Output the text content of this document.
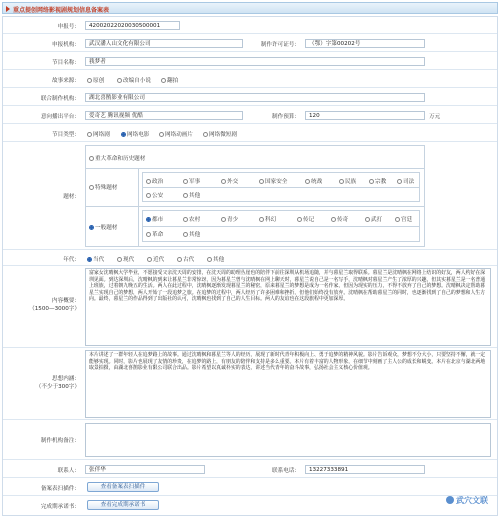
重点提创网络影视剧规划信息备案表
申报号：	42002022020030500001
申报机构：	武汉潘人山文化有限公司	制作许可证号：	（鄂）字第00202号
节目名称：	莪梦者
故事来源：	原创	改编自小说	翻拍
联合制作机构：	湖北喜鹊影业有限公司
意向播出平台：	爱奇艺 腾讯视频 优酷	制作预算：	120	万元
节目类型：	网络剧	网络电影	网络动画片	网络微短剧
题材：
重大革命和历史题材
特殊题材
一般题材
政治	军事	外交	国家安全	统战	民族	宗教	司法
公安	其他
都市	农村	青少	科幻	传记	传奇	武打	宫廷
革命	其他
年代：	当代	现代	近代	古代	其他
内容概要：
（1500—3000字）
富家女沈晴枫大学毕业，不愿接受父亲沈天周的安排，在沈天周的助理丛崖也的陪伴下前往深圳从机场追随，并与暮星兰取得联系。暮星兰是沈晴枫在网络上结识的好友，两人约好在深圳见面。到达深圳后，沈晴枫的到来让暮星兰非常惊讶，因为暮星兰曾与沈晴枫在网上聊天时，暮星兰说自己是一名写手，沈晴枫对暮星兰产生了浓厚的兴趣，但其实暮星兰是一名普通上班族，过着朝九晚五的生活。两人在此过程中，沈晴枫逐渐发现暮星兰的秘密，原来暮星兰的梦想是成为一名作家，但因为现实的压力，不得不放弃了自己的梦想。沈晴枫决定帮助暮星兰实现自己的梦想，两人开始了一段追梦之旅。在追梦的过程中，两人经历了许多困难和挫折，但他们始终没有放弃。沈晴枫在帮助暮星兰的同时，也逐渐找到了自己的梦想和人生方向。最终，暮星兰的作品得到了出版社的认可，沈晴枫也找到了自己的人生目标。两人的友谊也在这段旅程中更加深厚。
思想内涵：
（不少于300字）
本片讲述了一群年轻人在追梦路上的故事。通过沈晴枫和暮星兰等人的经历，展现了新时代青年积极向上、勇于追梦的精神风貌。影片告诉观众，梦想不分大小，只要坚持不懈，就一定能够实现。同时，影片也展现了友情的珍贵，在追梦的路上，有朋友的陪伴和支持是多么重要。本片有着丰富的人物形象，在细节中刻画了主人公的成长和蜕变。本片在北京与湖北两地取景拍摄，由湖北喜鹊影业有限公司联合出品。影片希望以真诚朴实的表达，讲述当代青年的奋斗故事，弘扬社会主义核心价值观。
制作机构备注：
联系人：	张伴华	联系电话：	13227333891
备案表扫描件：	查看备案表扫描件
完成期承诺书：	查看完成期承诺书	武穴文联
